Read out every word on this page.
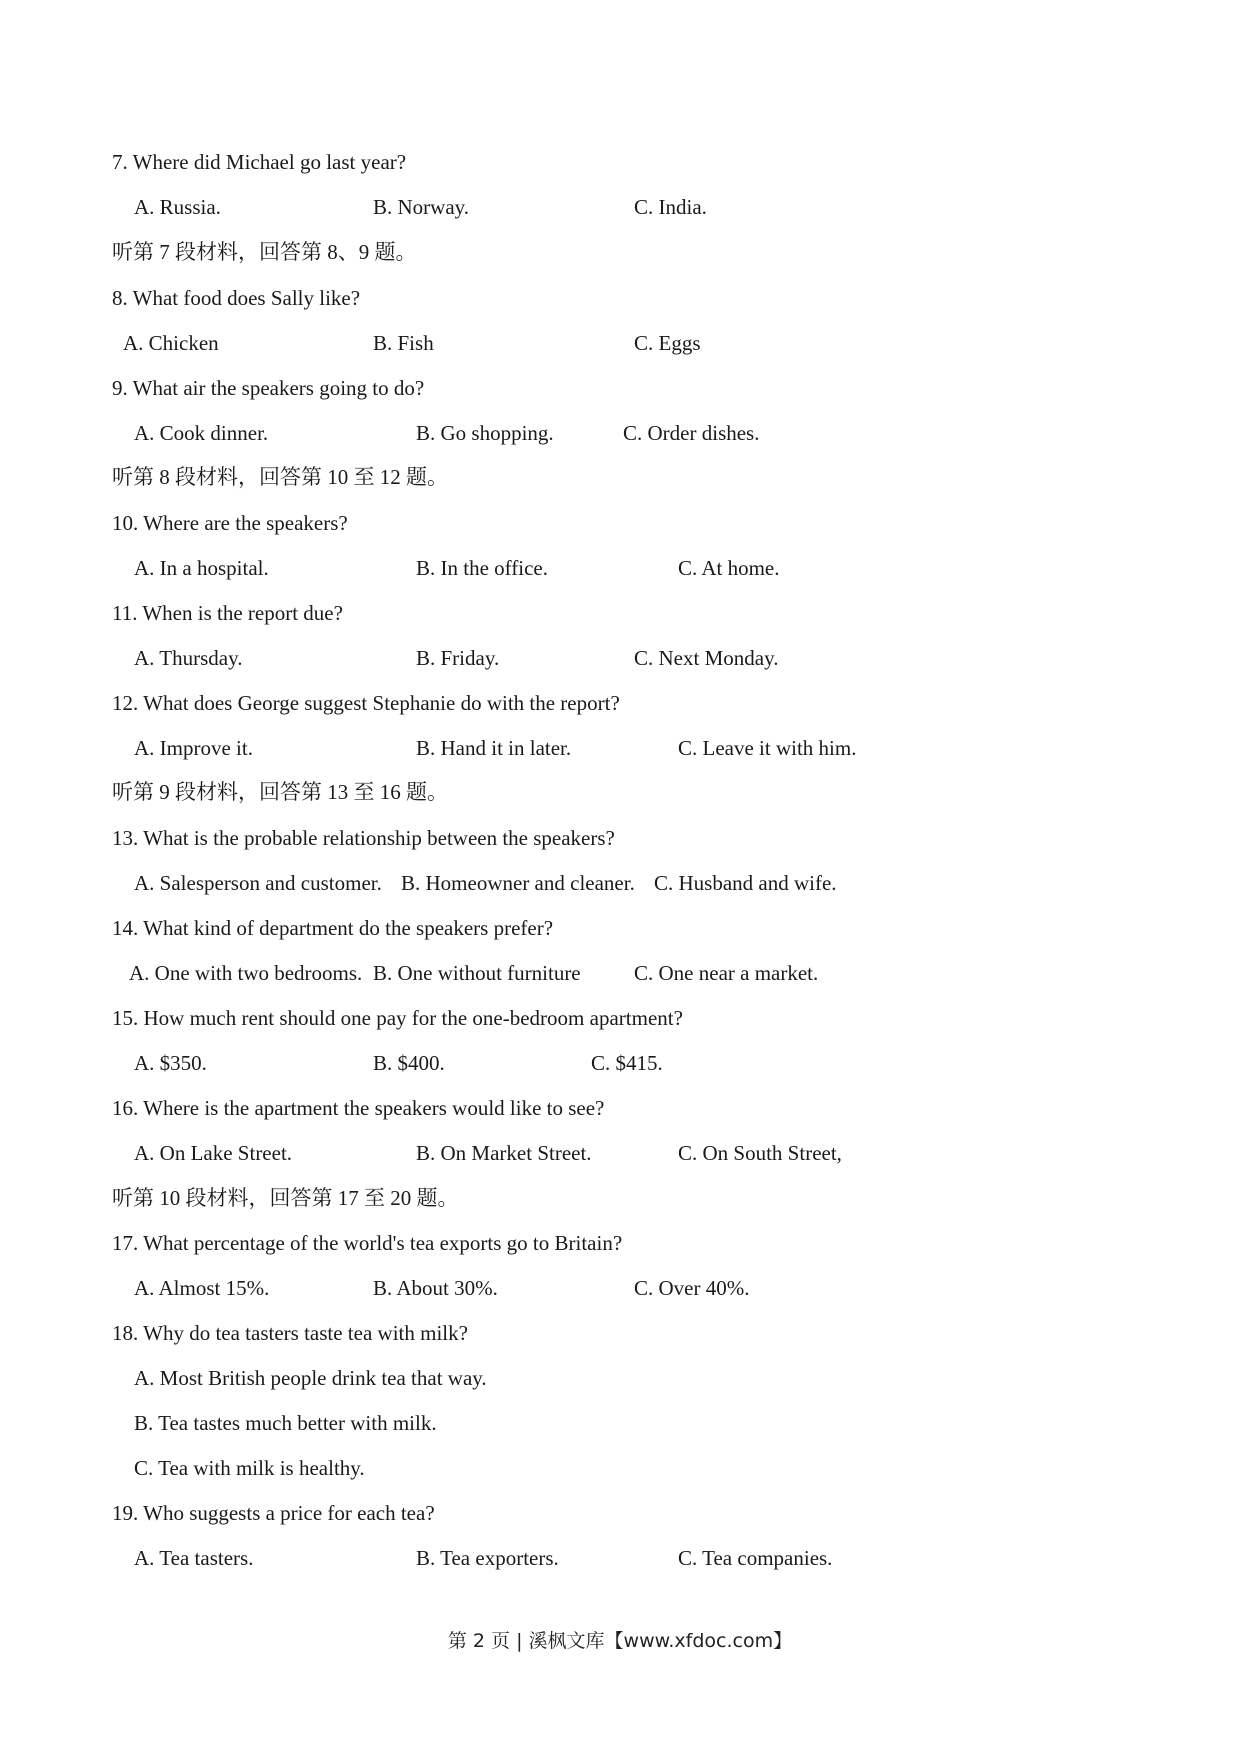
7. Where did Michael go last year?
A. Russia.	B. Norway.	C. India.
听第 7 段材料，回答第 8、9 题。
8. What food does Sally like?
A. Chicken	B. Fish	C. Eggs
9. What air the speakers going to do?
A. Cook dinner.	B. Go shopping.	C. Order dishes.
听第 8 段材料，回答第 10 至 12 题。
10. Where are the speakers?
A. In a hospital.	B. In the office.	C. At home.
11. When is the report due?
A. Thursday.	B. Friday.	C. Next Monday.
12. What does George suggest Stephanie do with the report?
A. Improve it.	B. Hand it in later.	C. Leave it with him.
听第 9 段材料，回答第 13 至 16 题。
13. What is the probable relationship between the speakers?
A. Salesperson and customer. B. Homeowner and cleaner. C. Husband and wife.
14. What kind of department do the speakers prefer?
A. One with two bedrooms. B. One without furniture	C. One near a market.
15. How much rent should one pay for the one-bedroom apartment?
A. $350.	B. $400.	C. $415.
16. Where is the apartment the speakers would like to see?
A. On Lake Street.	B. On Market Street.	C. On South Street,
听第 10 段材料，回答第 17 至 20 题。
17. What percentage of the world's tea exports go to Britain?
A. Almost 15%.	B. About 30%.	C. Over 40%.
18. Why do tea tasters taste tea with milk?
A. Most British people drink tea that way.
B. Tea tastes much better with milk.
C. Tea with milk is healthy.
19. Who suggests a price for each tea?
A. Tea tasters.	B. Tea exporters.	C. Tea companies.
第 2 页 | 溪枫文库【www.xfdoc.com】
